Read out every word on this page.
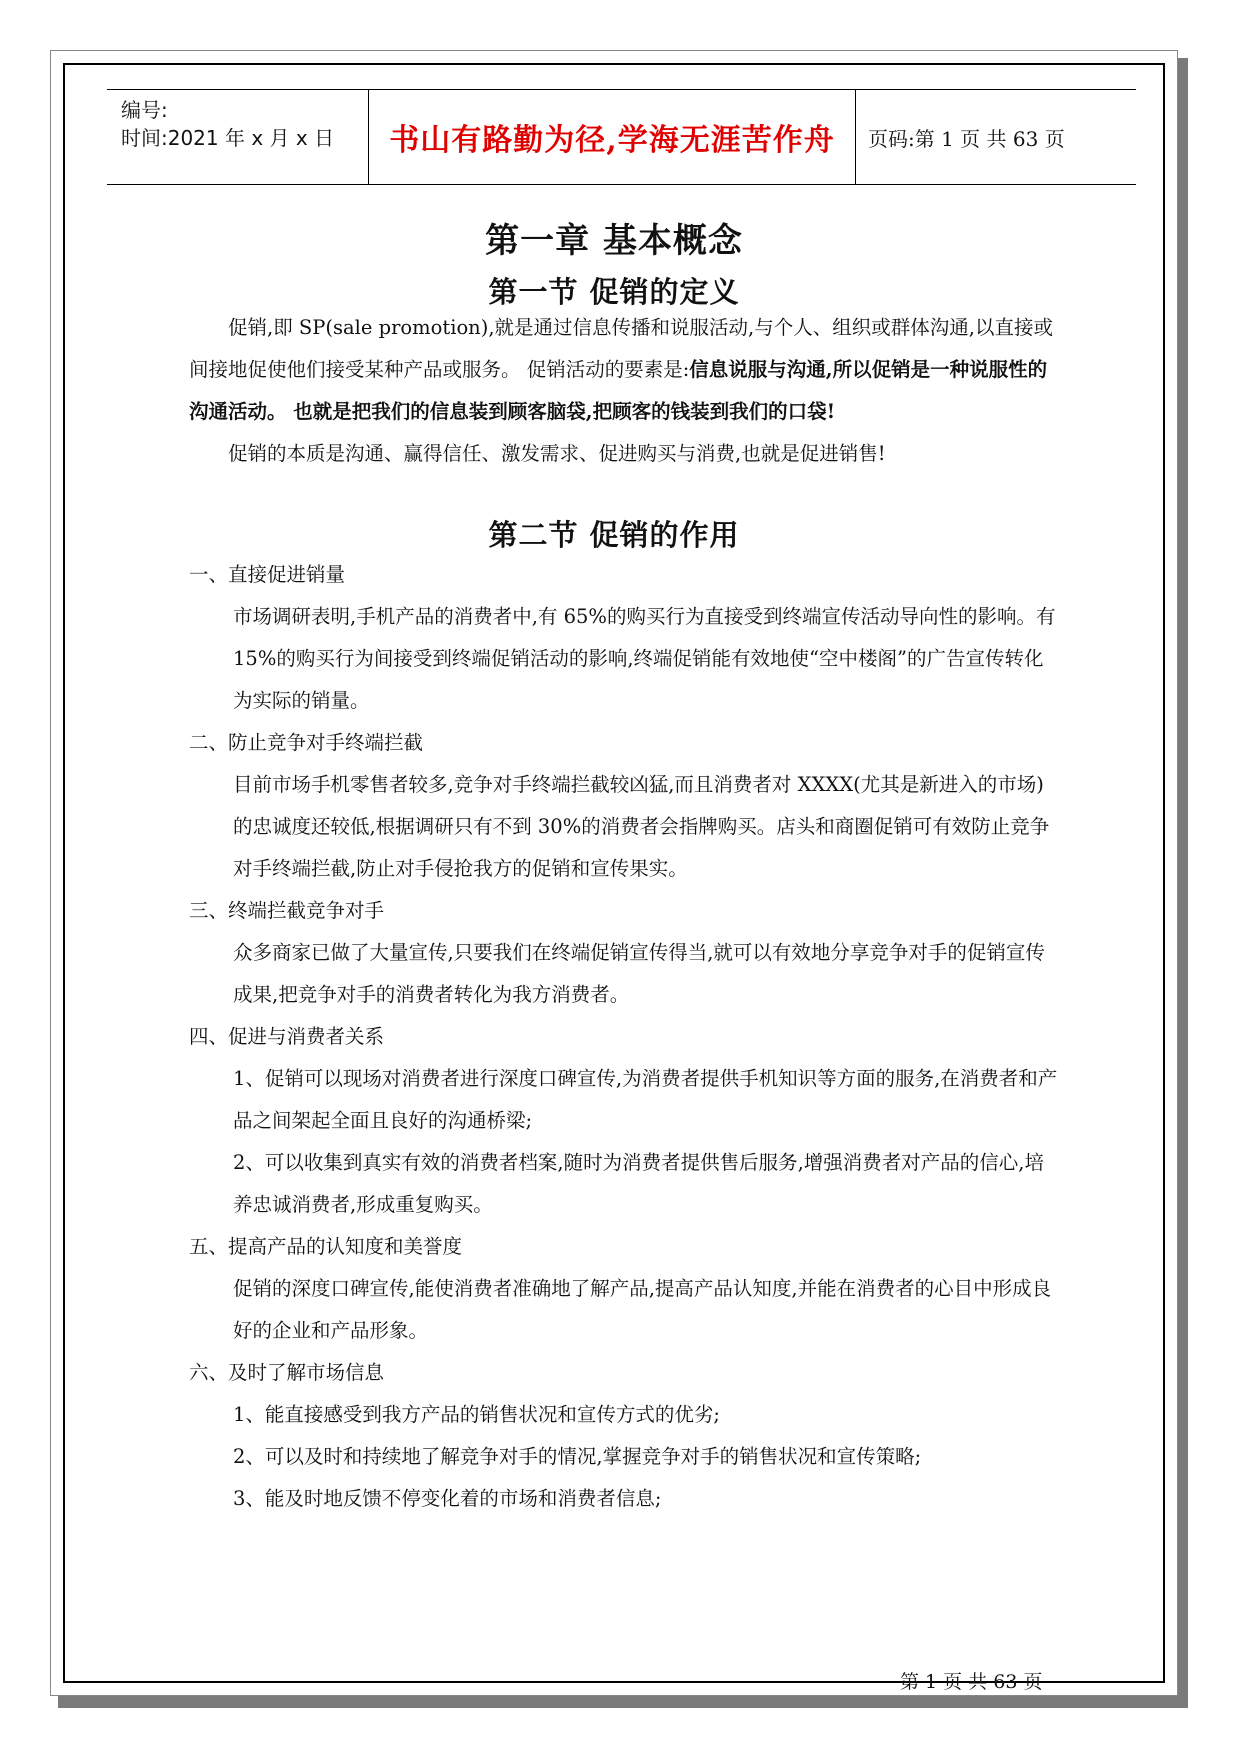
编号:
时间:2021 年 x 月 x 日	书山有路勤为径,学海无涯苦作舟	页码:第 1 页 共 63 页
第一章 基本概念
第一节 促销的定义

促销,即 SP(sale promotion),就是通过信息传播和说服活动,与个人、组织或群体沟通,以直接或间接地促使他们接受某种产品或服务。 促销活动的要素是:信息说服与沟通,所以促销是一种说服性的沟通活动。 也就是把我们的信息装到顾客脑袋,把顾客的钱装到我们的口袋!

促销的本质是沟通、赢得信任、激发需求、促进购买与消费,也就是促进销售!

第二节 促销的作用

一、直接促进销量

市场调研表明,手机产品的消费者中,有 65%的购买行为直接受到终端宣传活动导向性的影响。有 15%的购买行为间接受到终端促销活动的影响,终端促销能有效地使“空中楼阁”的广告宣传转化为实际的销量。

二、防止竞争对手终端拦截

目前市场手机零售者较多,竞争对手终端拦截较凶猛,而且消费者对 XXXX(尤其是新进入的市场)的忠诚度还较低,根据调研只有不到 30%的消费者会指牌购买。店头和商圈促销可有效防止竞争对手终端拦截,防止对手侵抢我方的促销和宣传果实。

三、终端拦截竞争对手

众多商家已做了大量宣传,只要我们在终端促销宣传得当,就可以有效地分享竞争对手的促销宣传成果,把竞争对手的消费者转化为我方消费者。

四、促进与消费者关系

1、促销可以现场对消费者进行深度口碑宣传,为消费者提供手机知识等方面的服务,在消费者和产品之间架起全面且良好的沟通桥梁;

2、可以收集到真实有效的消费者档案,随时为消费者提供售后服务,增强消费者对产品的信心,培养忠诚消费者,形成重复购买。

五、提高产品的认知度和美誉度

促销的深度口碑宣传,能使消费者准确地了解产品,提高产品认知度,并能在消费者的心目中形成良好的企业和产品形象。

六、及时了解市场信息

1、能直接感受到我方产品的销售状况和宣传方式的优劣;

2、可以及时和持续地了解竞争对手的情况,掌握竞争对手的销售状况和宣传策略;

3、能及时地反馈不停变化着的市场和消费者信息;

第 1 页 共 63 页
